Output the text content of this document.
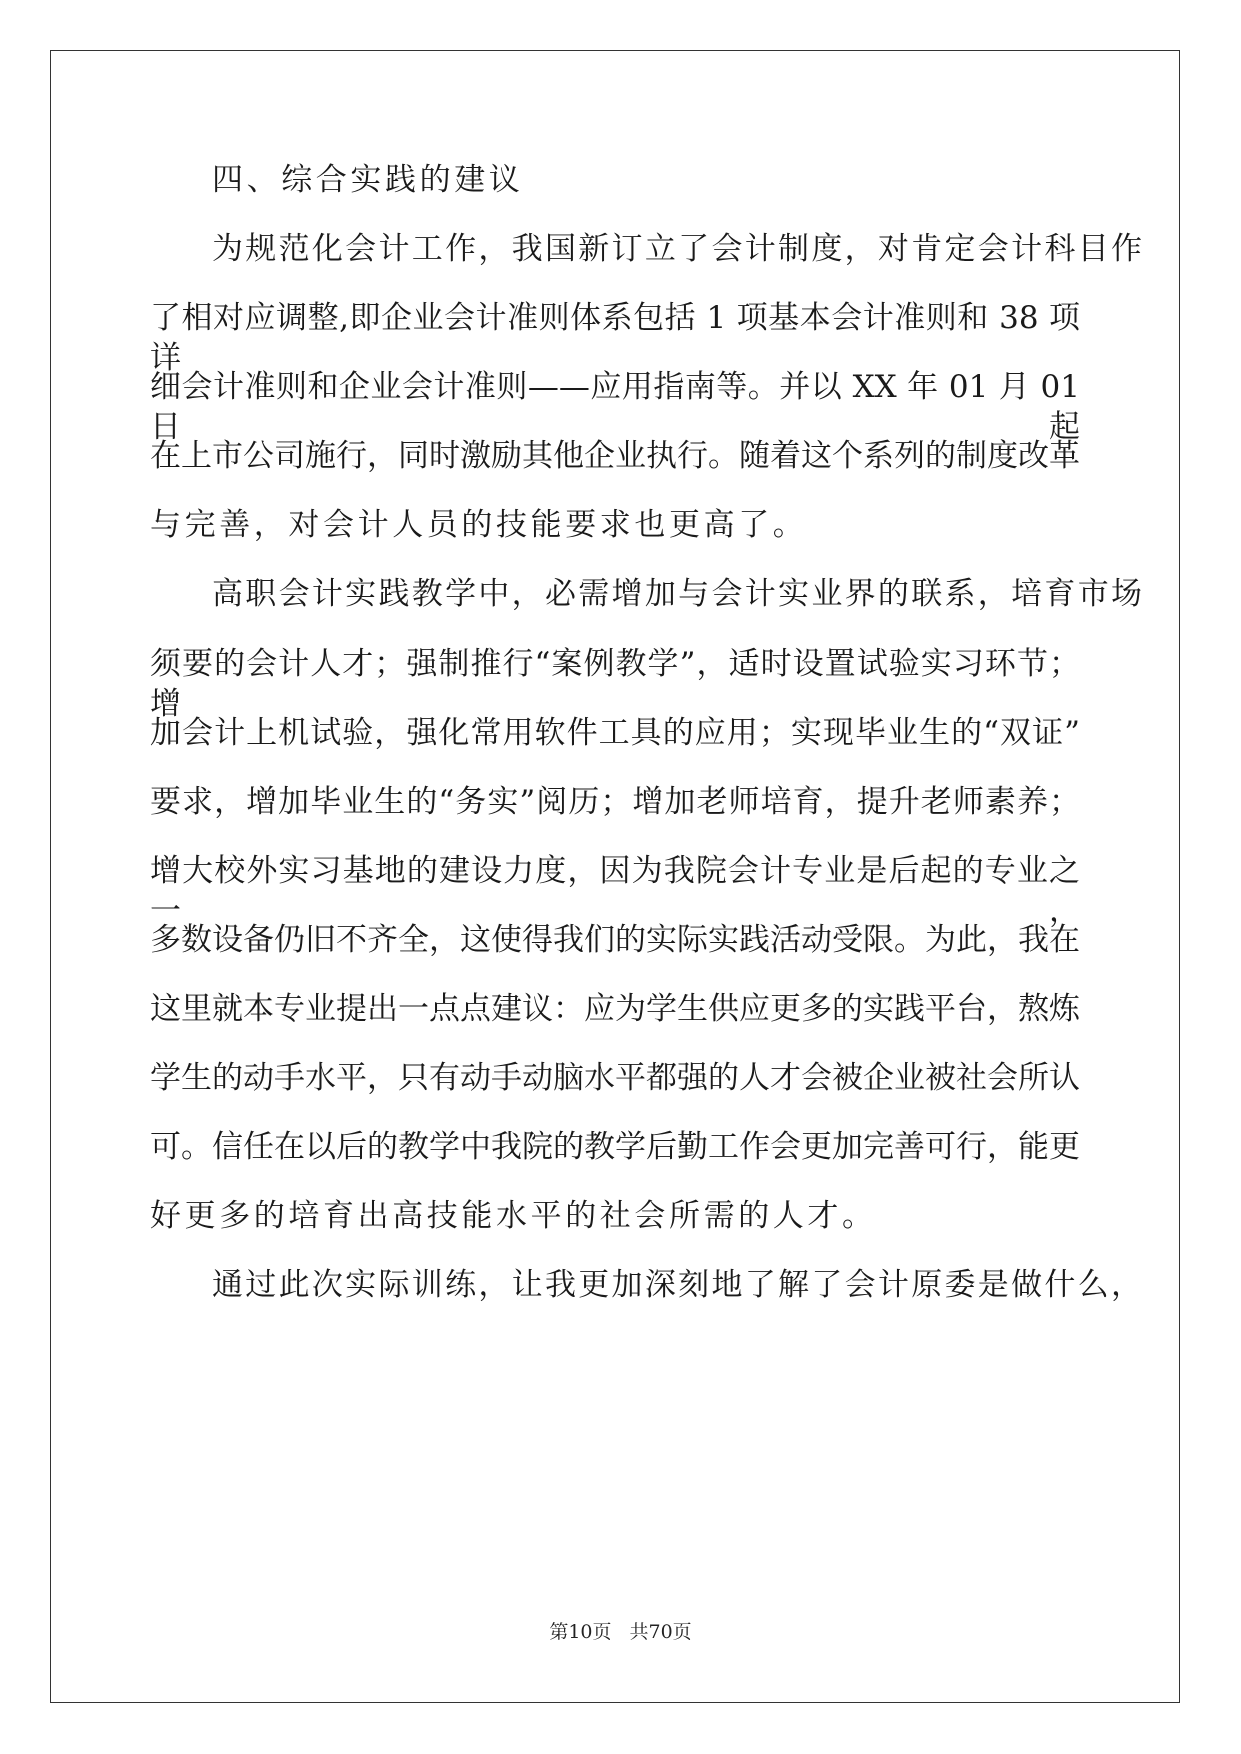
四、综合实践的建议
为规范化会计工作，我国新订立了会计制度，对肯定会计科目作
了相对应调整,即企业会计准则体系包括 1 项基本会计准则和 38 项详
细会计准则和企业会计准则——应用指南等。并以 XX 年 01 月 01 日起
在上市公司施行，同时激励其他企业执行。随着这个系列的制度改革
与完善，对会计人员的技能要求也更高了。
高职会计实践教学中，必需增加与会计实业界的联系，培育市场
须要的会计人才；强制推行“案例教学”，适时设置试验实习环节；增
加会计上机试验，强化常用软件工具的应用；实现毕业生的“双证”
要求，增加毕业生的“务实”阅历；增加老师培育，提升老师素养；
增大校外实习基地的建设力度，因为我院会计专业是后起的专业之一，
多数设备仍旧不齐全，这使得我们的实际实践活动受限。为此，我在
这里就本专业提出一点点建议：应为学生供应更多的实践平台，熬炼
学生的动手水平，只有动手动脑水平都强的人才会被企业被社会所认
可。信任在以后的教学中我院的教学后勤工作会更加完善可行，能更
好更多的培育出高技能水平的社会所需的人才。
通过此次实际训练，让我更加深刻地了解了会计原委是做什么，
第10页 共70页
